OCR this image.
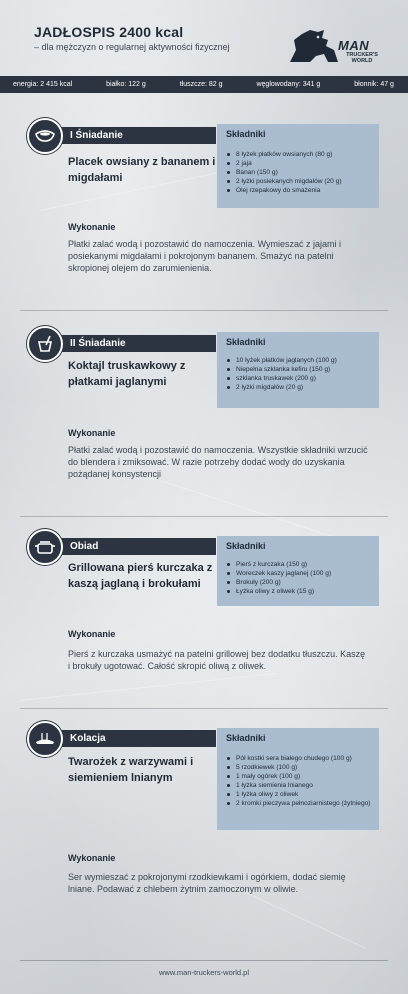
JADŁOSPIS 2400 kcal
– dla mężczyzn o regularnej aktywności fizycznej	MAN
TRUCKER'S
WORLD
energia: 2 415 kcal	białko: 122 g	tłuszcze: 82 g	węglowodany: 341 g	błonnik: 47 g
I Śniadanie
Placek owsiany z bananem i migdałami
Składniki
8 łyżek płatków owsianych (80 g)
2 jaja
Banan (150 g)
2 łyżki posiekanych migdałów (20 g)
Olej rzepakowy do smażenia
Wykonanie
Płatki zalać wodą i pozostawić do namoczenia. Wymieszać z jajami i posiekanymi migdałami i pokrojonym bananem. Smażyć na patelni skropionej olejem do zarumienienia.
II Śniadanie
Koktajl truskawkowy z płatkami jaglanymi
Składniki
10 łyżek płatków jaglanych (100 g)
Niepełna szklanka kefiru (150 g)
szklanka truskawek (200 g)
2 łyżki migdałów (20 g)
Wykonanie
Płatki zalać wodą i pozostawić do namoczenia. Wszystkie składniki wrzucić do blendera i zmiksować. W razie potrzeby dodać wody do uzyskania pożądanej konsystencji
Obiad
Grillowana pierś kurczaka z kaszą jaglaną i brokułami
Składniki
Pierś z kurczaka (150 g)
Woreczek kaszy jaglanej (100 g)
Brokuły (200 g)
Łyżka oliwy z oliwek (15 g)
Wykonanie
Pierś z kurczaka usmażyć na patelni grillowej bez dodatku tłuszczu. Kaszę i brokuły ugotować. Całość skropić oliwą z oliwek.
Kolacja
Twarożek z warzywami i siemieniem lnianym
Składniki
Pół kostki sera białego chudego (100 g)
5 rzodkiewek (100 g)
1 mały ogórek (100 g)
1 łyżka siemienia lnianego
1 łyżka oliwy z oliwek
2 kromki pieczywa pełnoziarnistego (żytniego)
Wykonanie
Ser wymieszać z pokrojonymi rzodkiewkami i ogórkiem, dodać siemię lniane. Podawać z chlebem żytnim zamoczonym w oliwie.
www.man-truckers-world.pl
